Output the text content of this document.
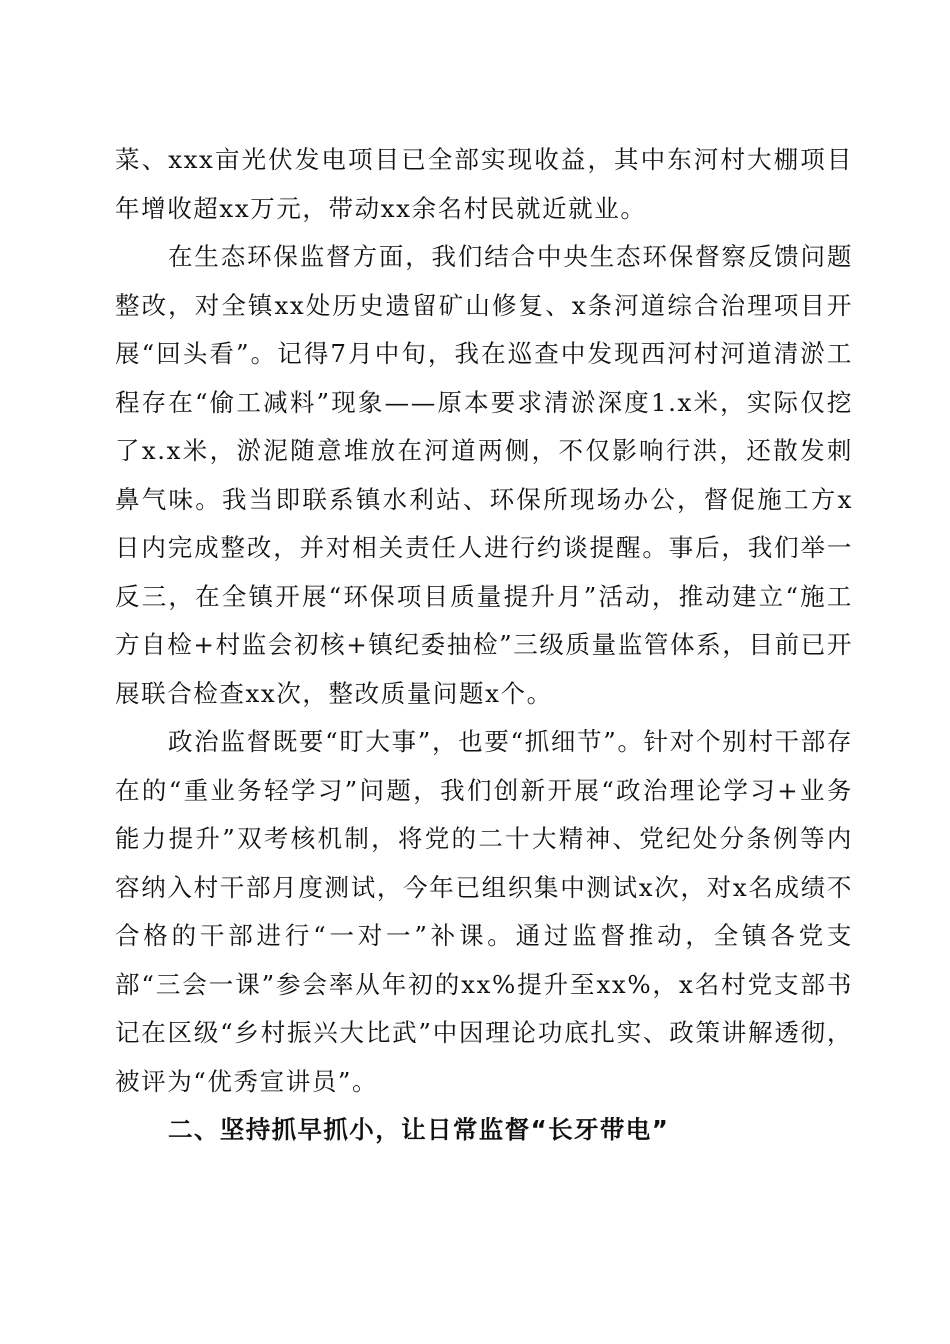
菜、xxx亩光伏发电项目已全部实现收益，其中东河村大棚项目年增收超xx万元，带动xx余名村民就近就业。

在生态环保监督方面，我们结合中央生态环保督察反馈问题整改，对全镇xx处历史遗留矿山修复、x条河道综合治理项目开展“回头看”。记得7月中旬，我在巡查中发现西河村河道清淤工程存在“偷工减料”现象——原本要求清淤深度1.x米，实际仅挖了x.x米，淤泥随意堆放在河道两侧，不仅影响行洪，还散发刺鼻气味。我当即联系镇水利站、环保所现场办公，督促施工方x日内完成整改，并对相关责任人进行约谈提醒。事后，我们举一反三，在全镇开展“环保项目质量提升月”活动，推动建立“施工方自检+村监会初核+镇纪委抽检”三级质量监管体系，目前已开展联合检查xx次，整改质量问题x个。

政治监督既要“盯大事”，也要“抓细节”。针对个别村干部存在的“重业务轻学习”问题，我们创新开展“政治理论学习+业务能力提升”双考核机制，将党的二十大精神、党纪处分条例等内容纳入村干部月度测试，今年已组织集中测试x次，对x名成绩不合格的干部进行“一对一”补课。通过监督推动，全镇各党支部“三会一课”参会率从年初的xx%提升至xx%，x名村党支部书记在区级“乡村振兴大比武”中因理论功底扎实、政策讲解透彻，被评为“优秀宣讲员”。

二、坚持抓早抓小，让日常监督“长牙带电”
